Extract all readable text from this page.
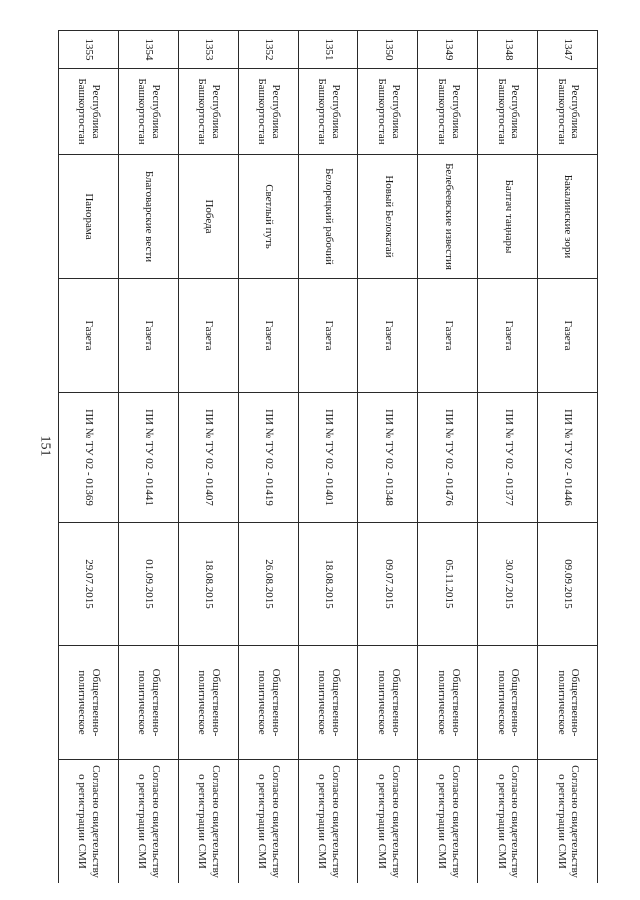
151
1347	Республика Башкортостан	Бакалинские зори	Газета	ПИ № ТУ 02 - 01446	09.09.2015	Общественно-политическое	Согласно свидетельству о регистрации СМИ
1348	Республика Башкортостан	Балтач таңнары	Газета	ПИ № ТУ 02 - 01377	30.07.2015	Общественно-политическое	Согласно свидетельству о регистрации СМИ
1349	Республика Башкортостан	Белебеевские известия	Газета	ПИ № ТУ 02 - 01476	05.11.2015	Общественно-политическое	Согласно свидетельству о регистрации СМИ
1350	Республика Башкортостан	Новый Белокатай	Газета	ПИ № ТУ 02 - 01348	09.07.2015	Общественно-политическое	Согласно свидетельству о регистрации СМИ
1351	Республика Башкортостан	Белорецкий рабочий	Газета	ПИ № ТУ 02 - 01401	18.08.2015	Общественно-политическое	Согласно свидетельству о регистрации СМИ
1352	Республика Башкортостан	Светлый путь	Газета	ПИ № ТУ 02 - 01419	26.08.2015	Общественно-политическое	Согласно свидетельству о регистрации СМИ
1353	Республика Башкортостан	Победа	Газета	ПИ № ТУ 02 - 01407	18.08.2015	Общественно-политическое	Согласно свидетельству о регистрации СМИ
1354	Республика Башкортостан	Благоварские вести	Газета	ПИ № ТУ 02 - 01441	01.09.2015	Общественно-политическое	Согласно свидетельству о регистрации СМИ
1355	Республика Башкортостан	Панорама	Газета	ПИ № ТУ 02 - 01369	29.07.2015	Общественно-политическое	Согласно свидетельству о регистрации СМИ
